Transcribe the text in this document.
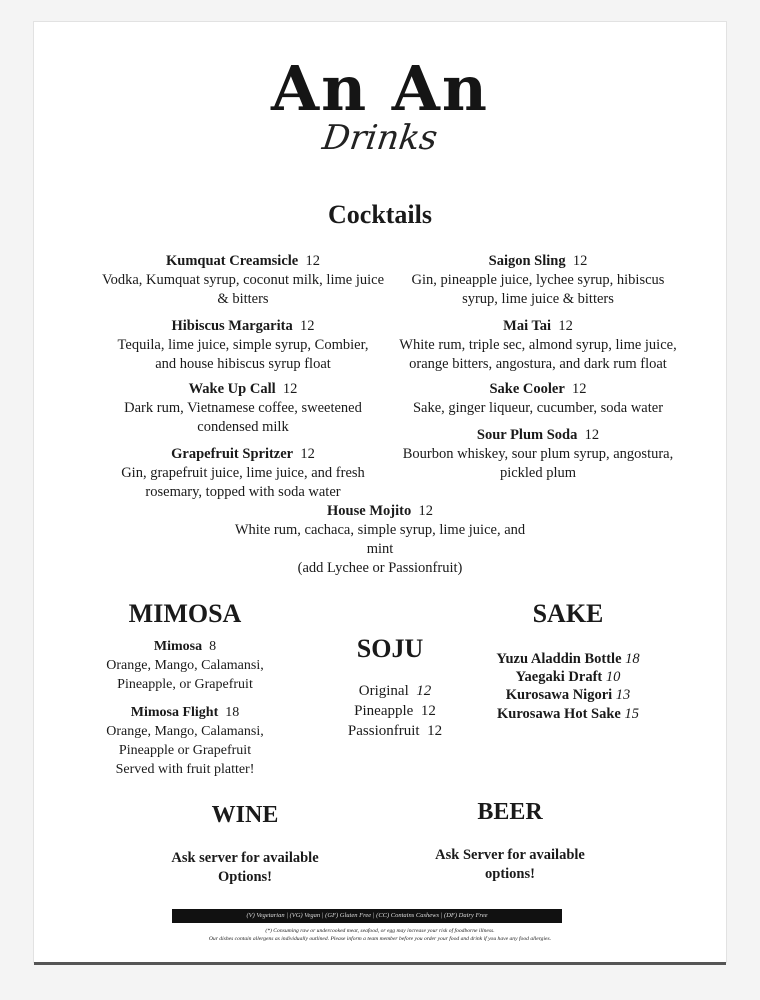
An An
Drinks
Cocktails
Kumquat Creamsicle 12
Vodka, Kumquat syrup, coconut milk, lime juice
& bitters
Hibiscus Margarita 12
Tequila, lime juice, simple syrup, Combier,
and house hibiscus syrup float
Wake Up Call 12
Dark rum, Vietnamese coffee, sweetened
condensed milk
Grapefruit Spritzer 12
Gin, grapefruit juice, lime juice, and fresh
rosemary, topped with soda water
Saigon Sling 12
Gin, pineapple juice, lychee syrup, hibiscus
syrup, lime juice & bitters
Mai Tai 12
White rum, triple sec, almond syrup, lime juice,
orange bitters, angostura, and dark rum float
Sake Cooler 12
Sake, ginger liqueur, cucumber, soda water
Sour Plum Soda 12
Bourbon whiskey, sour plum syrup, angostura,
pickled plum
House Mojito 12
White rum, cachaca, simple syrup, lime juice, and
mint
(add Lychee or Passionfruit)
MIMOSA
Mimosa 8
Orange, Mango, Calamansi,
Pineapple, or Grapefruit
Mimosa Flight 18
Orange, Mango, Calamansi,
Pineapple or Grapefruit
Served with fruit platter!
SOJU
Original 12
Pineapple 12
Passionfruit 12
SAKE
Yuzu Aladdin Bottle 18
Yaegaki Draft 10
Kurosawa Nigori 13
Kurosawa Hot Sake 15
WINE
Ask server for available
Options!
BEER
Ask Server for available
options!
(V) Vegetarian | (VG) Vegan | (GF) Gluten Free | (CC) Contains Cashews | (DF) Dairy Free
(*) Consuming raw or undercooked meat, seafood, or egg may increase your risk of foodborne illness.
Our dishes contain allergens as individually outlined. Please inform a team member before you order your food and drink if you have any food allergies.
